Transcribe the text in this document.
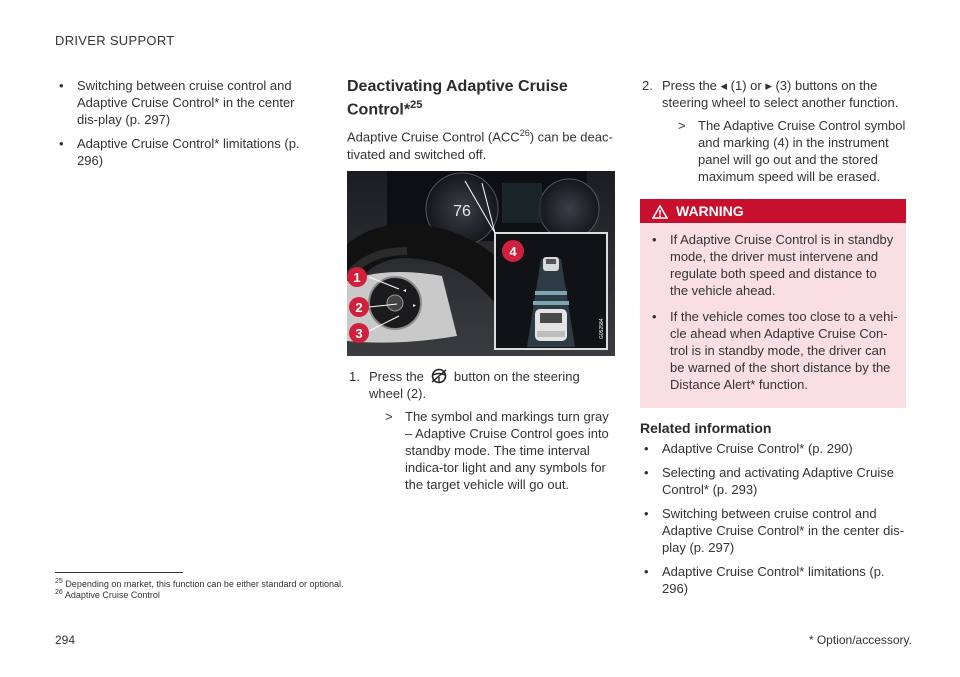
DRIVER SUPPORT
• Switching between cruise control and Adaptive Cruise Control* in the center dis-play (p. 297)
• Adaptive Cruise Control* limitations (p. 296)
Deactivating Adaptive Cruise Control*$^{25}$

Adaptive Cruise Control (ACC$^{26}$) can be deac-tivated and switched off.

76
◂
▸
G052584
1
2
3
4
1. Press the button on the steering wheel (2).
> The symbol and markings turn gray – Adaptive Cruise Control goes into standby mode. The time interval indica-tor light and any symbols for the target vehicle will go out.
2. Press the ◂ (1) or ▸ (3) buttons on the steering wheel to select another function.
> The Adaptive Cruise Control symbol and marking (4) in the instrument panel will go out and the stored maximum speed will be erased.
WARNING
• If Adaptive Cruise Control is in standby mode, the driver must intervene and regulate both speed and distance to the vehicle ahead.
• If the vehicle comes too close to a vehi-cle ahead when Adaptive Cruise Con-trol is in standby mode, the driver can be warned of the short distance by the Distance Alert* function.
Related information
• Adaptive Cruise Control* (p. 290)
• Selecting and activating Adaptive Cruise Control* (p. 293)
• Switching between cruise control and Adaptive Cruise Control* in the center dis-play (p. 297)
• Adaptive Cruise Control* limitations (p. 296)
$^{25}$ Depending on market, this function can be either standard or optional.
$^{26}$ Adaptive Cruise Control
294	* Option/accessory.
